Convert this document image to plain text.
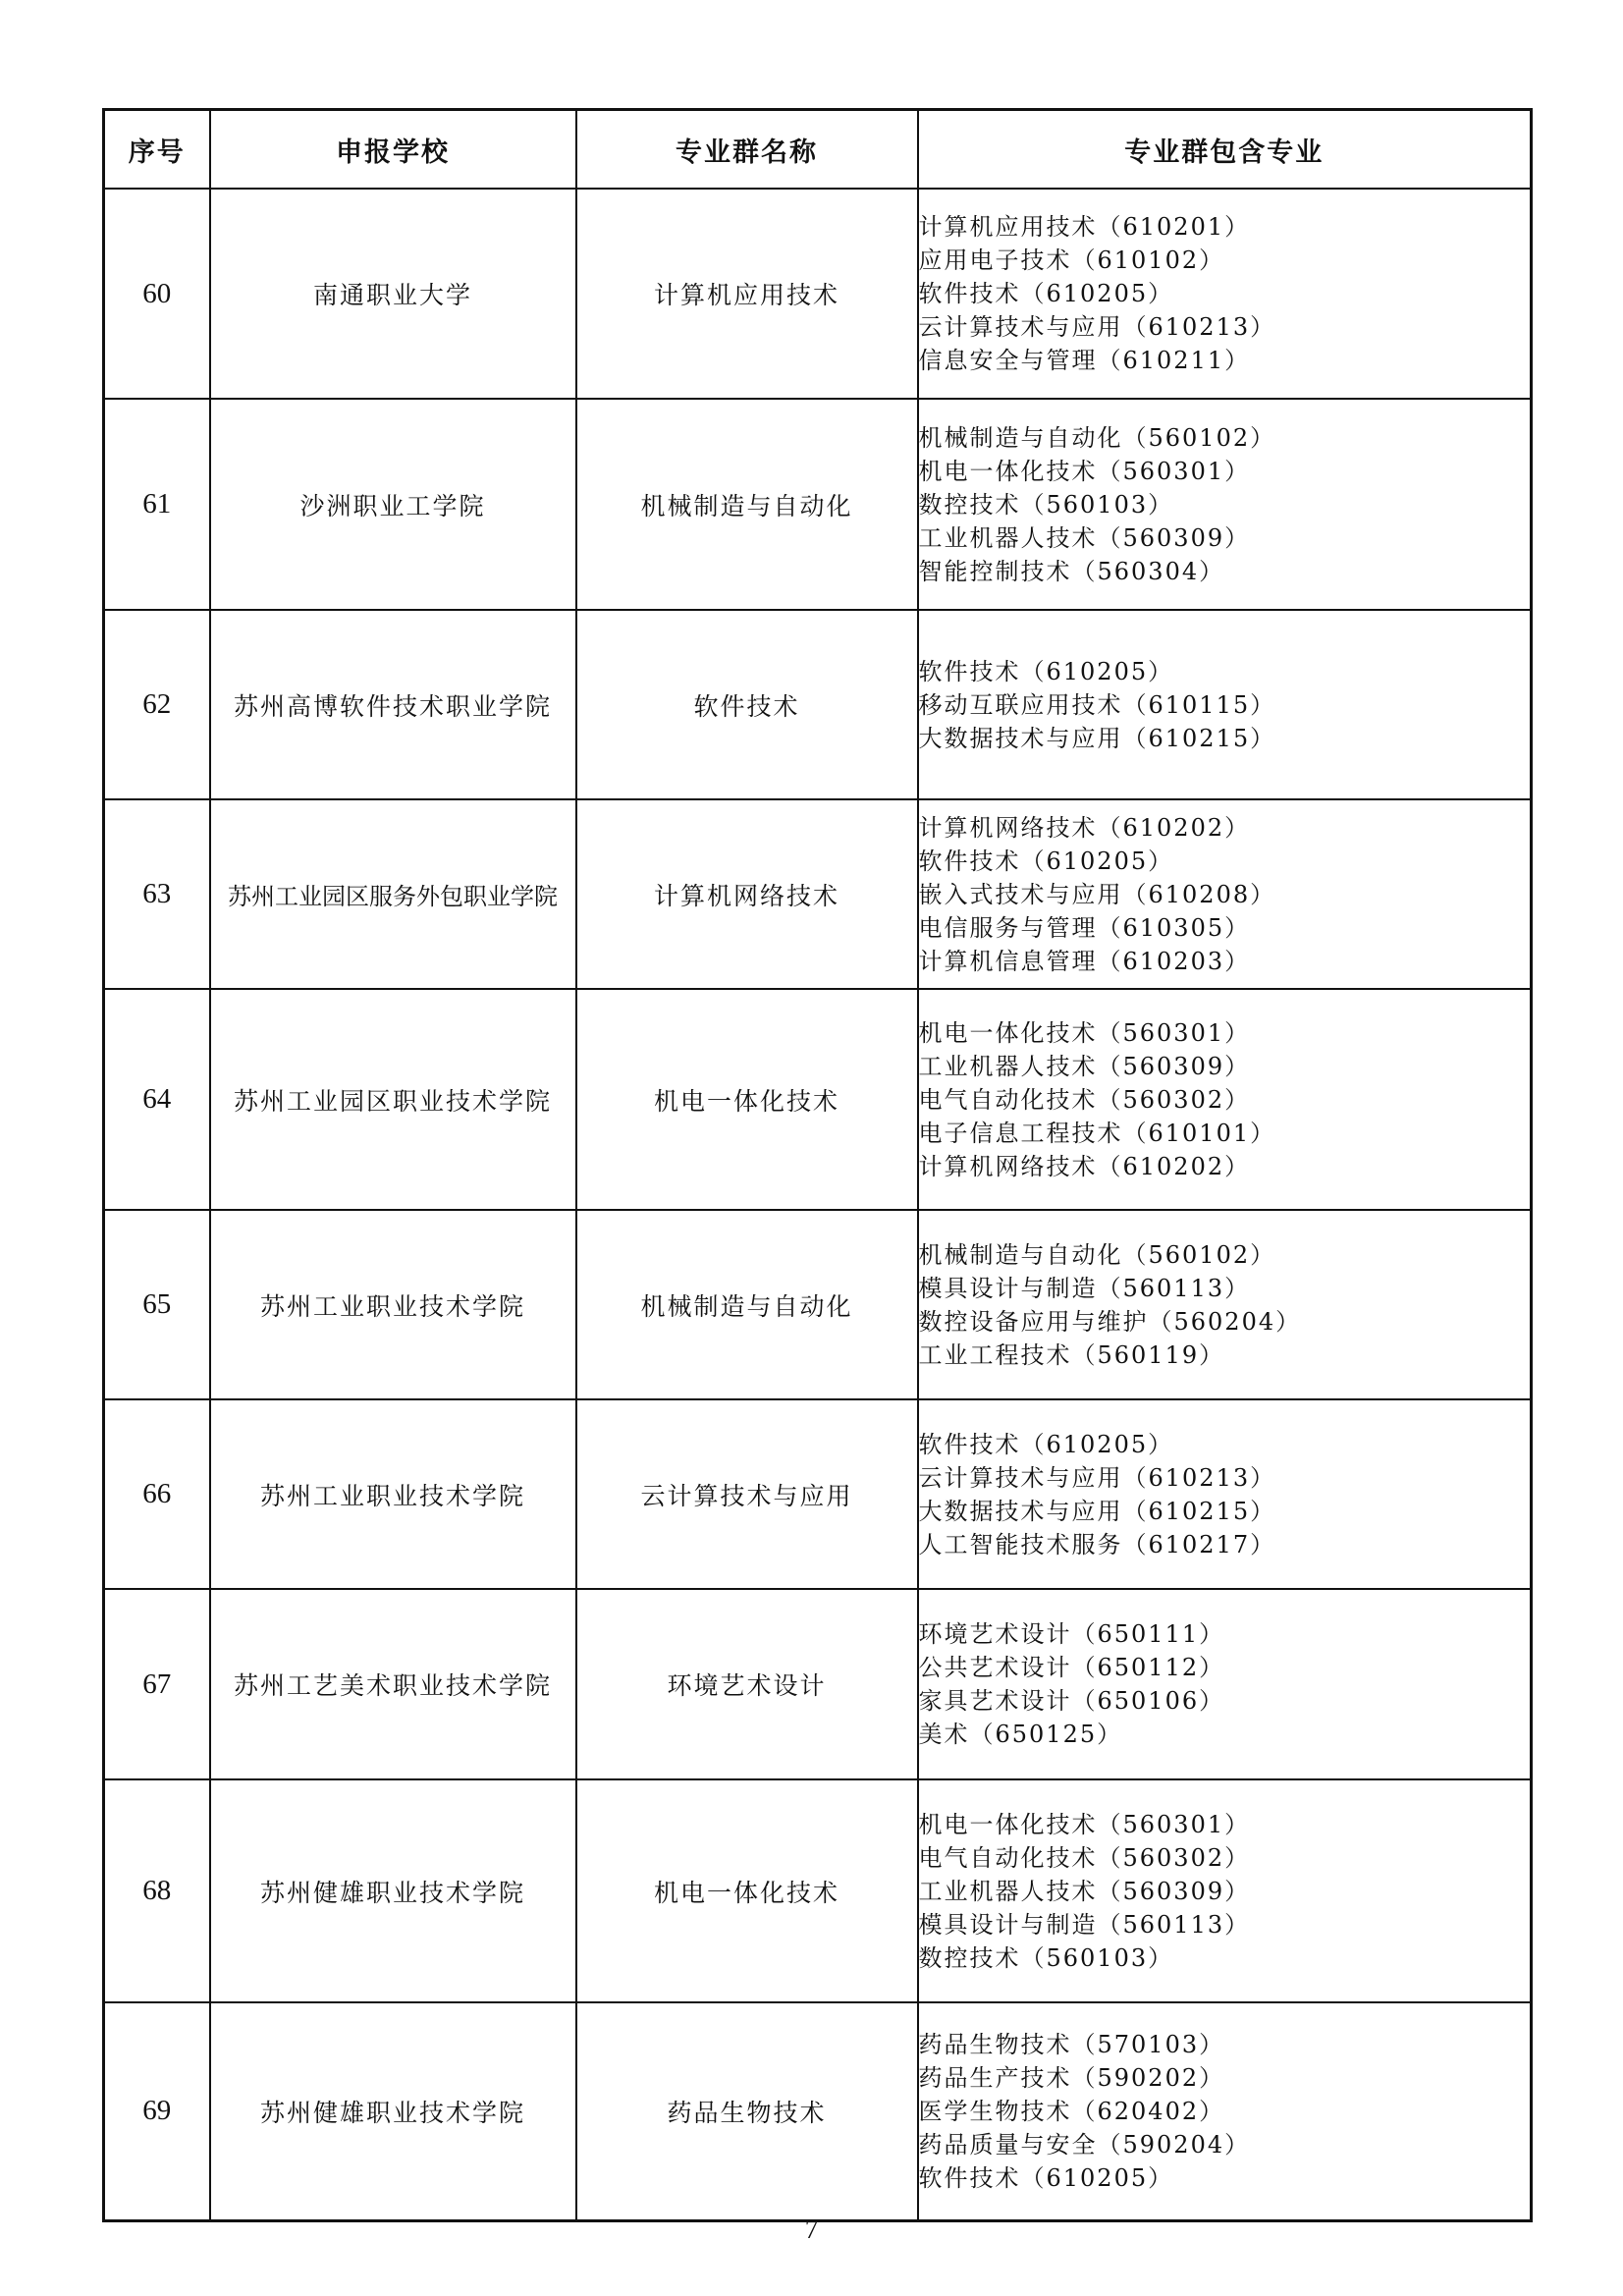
序号	申报学校	专业群名称	专业群包含专业
60	南通职业大学	计算机应用技术	计算机应用技术（610201）
应用电子技术（610102）
软件技术（610205）
云计算技术与应用（610213）
信息安全与管理（610211）

61	沙洲职业工学院	机械制造与自动化	机械制造与自动化（560102）
机电一体化技术（560301）
数控技术（560103）
工业机器人技术（560309）
智能控制技术（560304）

62	苏州高博软件技术职业学院	软件技术	软件技术（610205）
移动互联应用技术（610115）
大数据技术与应用（610215）

63	苏州工业园区服务外包职业学院	计算机网络技术	计算机网络技术（610202）
软件技术（610205）
嵌入式技术与应用（610208）
电信服务与管理（610305）
计算机信息管理（610203）

64	苏州工业园区职业技术学院	机电一体化技术	机电一体化技术（560301）
工业机器人技术（560309）
电气自动化技术（560302）
电子信息工程技术（610101）
计算机网络技术（610202）

65	苏州工业职业技术学院	机械制造与自动化	机械制造与自动化（560102）
模具设计与制造（560113）
数控设备应用与维护（560204）
工业工程技术（560119）

66	苏州工业职业技术学院	云计算技术与应用	软件技术（610205）
云计算技术与应用（610213）
大数据技术与应用（610215）
人工智能技术服务（610217）

67	苏州工艺美术职业技术学院	环境艺术设计	环境艺术设计（650111）
公共艺术设计（650112）
家具艺术设计（650106）
美术（650125）

68	苏州健雄职业技术学院	机电一体化技术	机电一体化技术（560301）
电气自动化技术（560302）
工业机器人技术（560309）
模具设计与制造（560113）
数控技术（560103）

69	苏州健雄职业技术学院	药品生物技术	药品生物技术（570103）
药品生产技术（590202）
医学生物技术（620402）
药品质量与安全（590204）
软件技术（610205）
7
